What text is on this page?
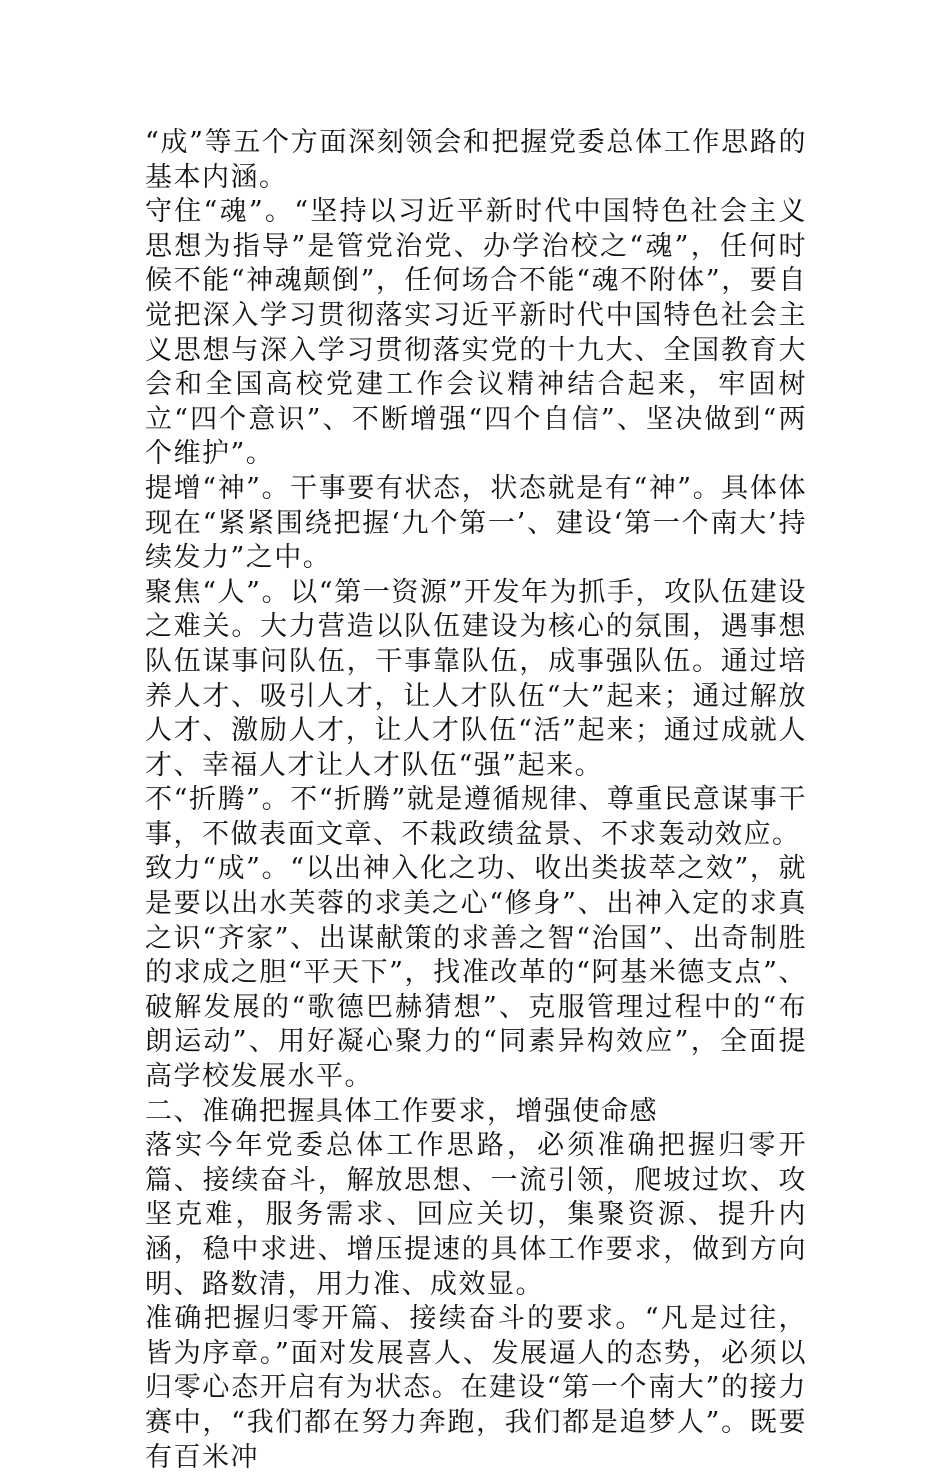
“成”等五个方面深刻领会和把握党委总体工作思路的基本内涵。

守住“魂”。“坚持以习近平新时代中国特色社会主义思想为指导”是管党治党、办学治校之“魂”，任何时候不能“神魂颠倒”，任何场合不能“魂不附体”，要自觉把深入学习贯彻落实习近平新时代中国特色社会主义思想与深入学习贯彻落实党的十九大、全国教育大会和全国高校党建工作会议精神结合起来，牢固树立“四个意识”、不断增强“四个自信”、坚决做到“两个维护”。

提增“神”。干事要有状态，状态就是有“神”。具体体现在“紧紧围绕把握‘九个第一’、建设‘第一个南大’持续发力”之中。

聚焦“人”。以“第一资源”开发年为抓手，攻队伍建设之难关。大力营造以队伍建设为核心的氛围，遇事想队伍谋事问队伍，干事靠队伍，成事强队伍。通过培养人才、吸引人才，让人才队伍“大”起来；通过解放人才、激励人才，让人才队伍“活”起来；通过成就人才、幸福人才让人才队伍“强”起来。

不“折腾”。不“折腾”就是遵循规律、尊重民意谋事干事，不做表面文章、不栽政绩盆景、不求轰动效应。

致力“成”。“以出神入化之功、收出类拔萃之效”，就是要以出水芙蓉的求美之心“修身”、出神入定的求真之识“齐家”、出谋献策的求善之智“治国”、出奇制胜的求成之胆“平天下”，找准改革的“阿基米德支点”、破解发展的“歌德巴赫猜想”、克服管理过程中的“布朗运动”、用好凝心聚力的“同素异构效应”，全面提高学校发展水平。

二、准确把握具体工作要求，增强使命感

落实今年党委总体工作思路，必须准确把握归零开篇、接续奋斗，解放思想、一流引领，爬坡过坎、攻坚克难，服务需求、回应关切，集聚资源、提升内涵，稳中求进、增压提速的具体工作要求，做到方向明、路数清，用力准、成效显。

准确把握归零开篇、接续奋斗的要求。“凡是过往，皆为序章。”面对发展喜人、发展逼人的态势，必须以归零心态开启有为状态。在建设“第一个南大”的接力赛中，“我们都在努力奔跑，我们都是追梦人”。既要有百米冲
